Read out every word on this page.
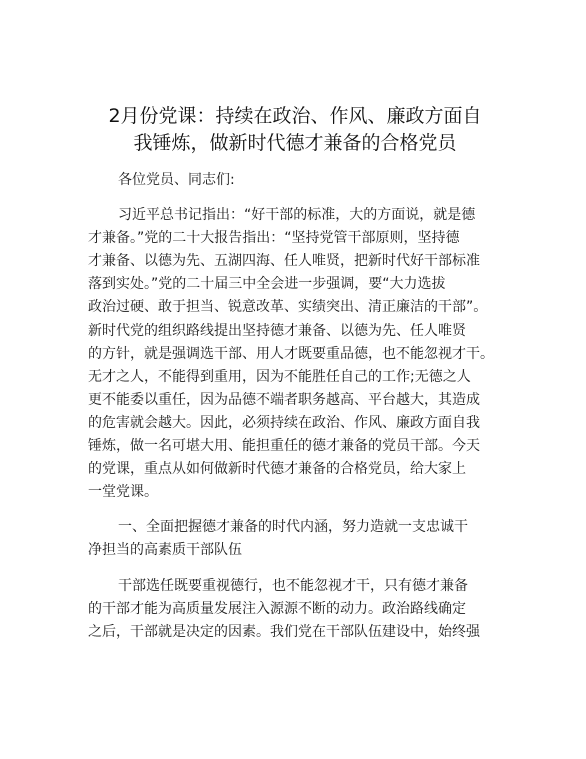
2月份党课：持续在政治、作风、廉政方面自
我锤炼，做新时代德才兼备的合格党员
各位党员、同志们:
习近平总书记指出：“好干部的标准，大的方面说，就是德
才兼备。”党的二十大报告指出：“坚持党管干部原则，坚持德
才兼备、以德为先、五湖四海、任人唯贤，把新时代好干部标准
落到实处。”党的二十届三中全会进一步强调，要“大力选拔
政治过硬、敢于担当、锐意改革、实绩突出、清正廉洁的干部”。
新时代党的组织路线提出坚持德才兼备、以德为先、任人唯贤
的方针，就是强调选干部、用人才既要重品德，也不能忽视才干。
无才之人，不能得到重用，因为不能胜任自己的工作;无德之人
更不能委以重任，因为品德不端者职务越高、平台越大，其造成
的危害就会越大。因此，必须持续在政治、作风、廉政方面自我
锤炼，做一名可堪大用、能担重任的德才兼备的党员干部。今天
的党课，重点从如何做新时代德才兼备的合格党员，给大家上
一堂党课。
一、全面把握德才兼备的时代内涵，努力造就一支忠诚干
净担当的高素质干部队伍
干部选任既要重视德行，也不能忽视才干，只有德才兼备
的干部才能为高质量发展注入源源不断的动力。政治路线确定
之后，干部就是决定的因素。我们党在干部队伍建设中，始终强
